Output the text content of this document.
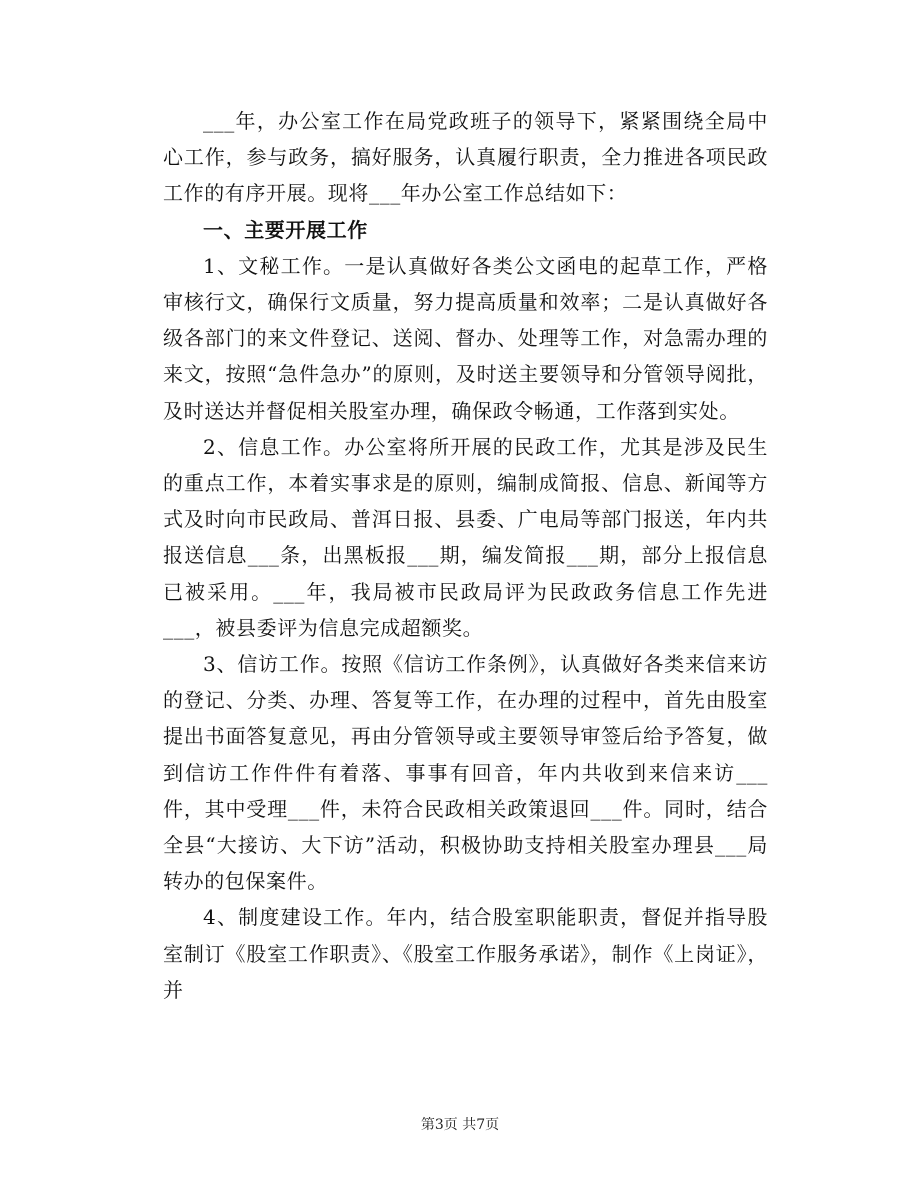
___年，办公室工作在局党政班子的领导下，紧紧围绕全局中心工作，参与政务，搞好服务，认真履行职责，全力推进各项民政工作的有序开展。现将___年办公室工作总结如下：

一、主要开展工作

1、文秘工作。一是认真做好各类公文函电的起草工作，严格审核行文，确保行文质量，努力提高质量和效率；二是认真做好各级各部门的来文件登记、送阅、督办、处理等工作，对急需办理的来文，按照“急件急办”的原则，及时送主要领导和分管领导阅批，及时送达并督促相关股室办理，确保政令畅通，工作落到实处。

2、信息工作。办公室将所开展的民政工作，尤其是涉及民生的重点工作，本着实事求是的原则，编制成简报、信息、新闻等方式及时向市民政局、普洱日报、县委、广电局等部门报送，年内共报送信息___条，出黑板报___期，编发简报___期，部分上报信息已被采用。___年，我局被市民政局评为民政政务信息工作先进___，被县委评为信息完成超额奖。

3、信访工作。按照《信访工作条例》，认真做好各类来信来访的登记、分类、办理、答复等工作，在办理的过程中，首先由股室提出书面答复意见，再由分管领导或主要领导审签后给予答复，做到信访工作件件有着落、事事有回音，年内共收到来信来访___件，其中受理___件，未符合民政相关政策退回___件。同时，结合全县“大接访、大下访”活动，积极协助支持相关股室办理县___局转办的包保案件。

4、制度建设工作。年内，结合股室职能职责，督促并指导股室制订《股室工作职责》、《股室工作服务承诺》，制作《上岗证》，并

第3页 共7页
